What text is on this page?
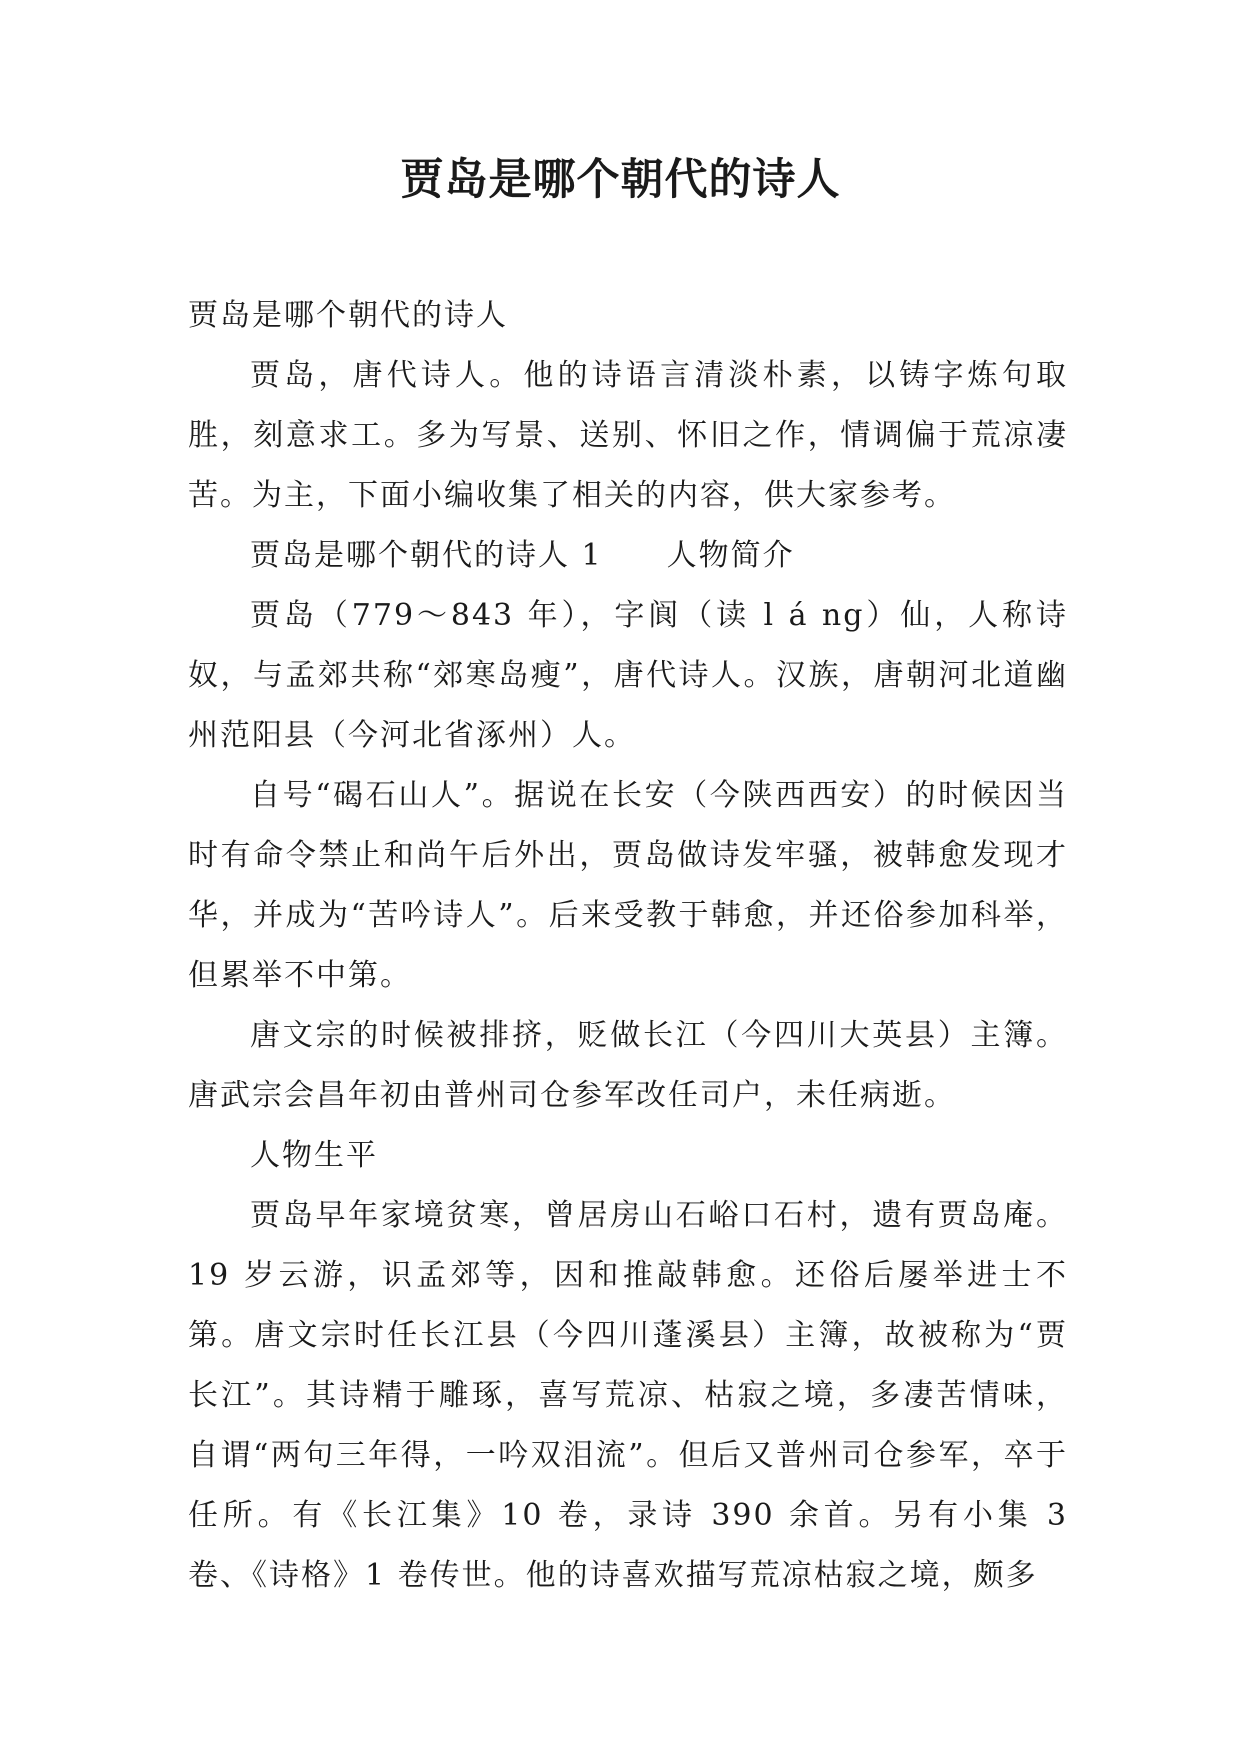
贾岛是哪个朝代的诗人

贾岛是哪个朝代的诗人

贾岛，唐代诗人。他的诗语言清淡朴素，以铸字炼句取胜，刻意求工。多为写景、送别、怀旧之作，情调偏于荒凉凄苦。为主，下面小编收集了相关的内容，供大家参考。

贾岛是哪个朝代的诗人 1　　人物简介

贾岛（779～843 年），字阆（读 l á ng）仙，人称诗奴，与孟郊共称“郊寒岛瘦”，唐代诗人。汉族，唐朝河北道幽州范阳县（今河北省涿州）人。

自号“碣石山人”。据说在长安（今陕西西安）的时候因当时有命令禁止和尚午后外出，贾岛做诗发牢骚，被韩愈发现才华，并成为“苦吟诗人”。后来受教于韩愈，并还俗参加科举，但累举不中第。

唐文宗的时候被排挤，贬做长江（今四川大英县）主簿。唐武宗会昌年初由普州司仓参军改任司户，未任病逝。

人物生平

贾岛早年家境贫寒，曾居房山石峪口石村，遗有贾岛庵。19 岁云游，识孟郊等，因和推敲韩愈。还俗后屡举进士不第。唐文宗时任长江县（今四川蓬溪县）主簿，故被称为“贾长江”。其诗精于雕琢，喜写荒凉、枯寂之境，多凄苦情味，自谓“两句三年得，一吟双泪流”。但后又普州司仓参军，卒于任所。有《长江集》10 卷，录诗 390 余首。另有小集 3 卷、《诗格》1 卷传世。他的诗喜欢描写荒凉枯寂之境，颇多
